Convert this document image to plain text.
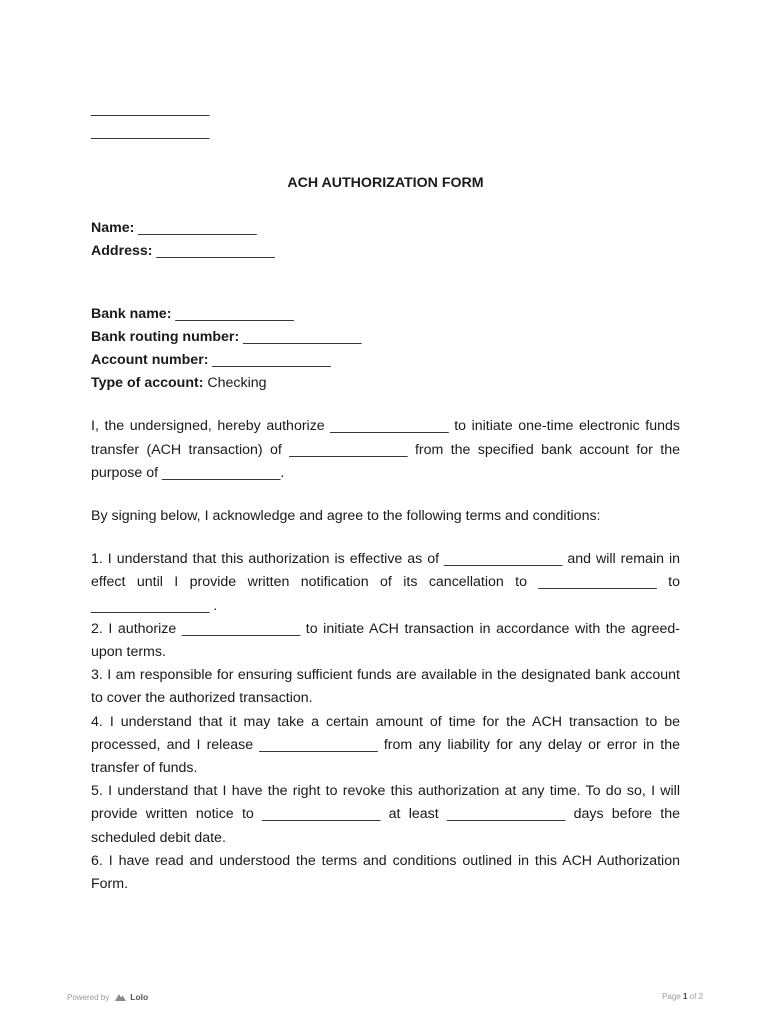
_______________
_______________
ACH AUTHORIZATION FORM
Name: _______________
Address: _______________
Bank name: _______________
Bank routing number: _______________
Account number: _______________
Type of account: Checking

I, the undersigned, hereby authorize _______________ to initiate one-time electronic funds transfer (ACH transaction) of _______________ from the specified bank account for the purpose of _______________.

By signing below, I acknowledge and agree to the following terms and conditions:

1. I understand that this authorization is effective as of _______________ and will remain in effect until I provide written notification of its cancellation to _______________ to _______________ .

2. I authorize _______________ to initiate ACH transaction in accordance with the agreed-upon terms.

3. I am responsible for ensuring sufficient funds are available in the designated bank account to cover the authorized transaction.

4. I understand that it may take a certain amount of time for the ACH transaction to be processed, and I release _______________ from any liability for any delay or error in the transfer of funds.

5. I understand that I have the right to revoke this authorization at any time. To do so, I will provide written notice to _______________ at least _______________ days before the scheduled debit date.

6. I have read and understood the terms and conditions outlined in this ACH Authorization Form.

Powered by Lolo	Page 1 of 2
